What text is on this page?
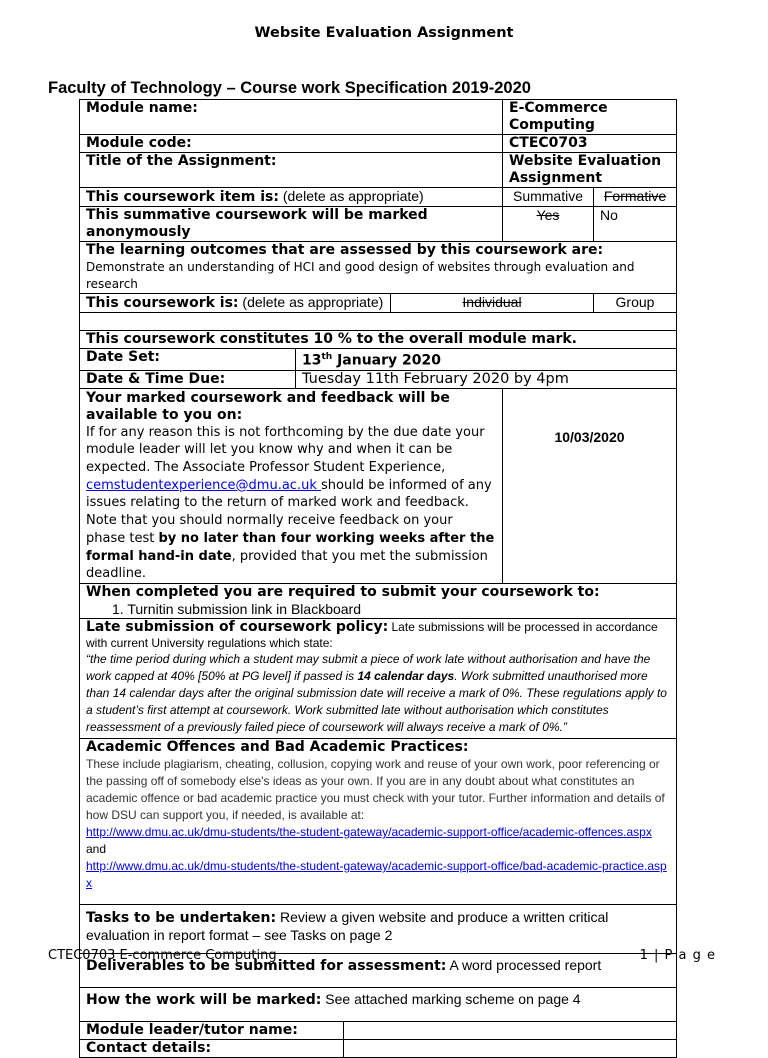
Website Evaluation Assignment
Faculty of Technology – Course work Specification 2019-2020
Module name:	E-Commerce Computing
Module code:	CTEC0703
Title of the Assignment:	Website Evaluation Assignment
This coursework item is: (delete as appropriate)	Summative	Formative
This summative coursework will be marked anonymously	Yes	No

The learning outcomes that are assessed by this coursework are:
Demonstrate an understanding of HCI and good design of websites through evaluation and research

This coursework is: (delete as appropriate)	Individual	Group

This coursework constitutes 10 % to the overall module mark.

Date Set:	13th January 2020

Date & Time Due:	Tuesday 11th February 2020 by 4pm

Your marked coursework and feedback will be available to you on:
If for any reason this is not forthcoming by the due date your module leader will let you know why and when it can be expected. The Associate Professor Student Experience, cemstudentexperience@dmu.ac.uk should be informed of any issues relating to the return of marked work and feedback. Note that you should normally receive feedback on your phase test by no later than four working weeks after the formal hand-in date, provided that you met the submission deadline.
	10/03/2020

When completed you are required to submit your coursework to:
1. Turnitin submission link in Blackboard

Late submission of coursework policy: Late submissions will be processed in accordance with current University regulations which state:
“the time period during which a student may submit a piece of work late without authorisation and have the work capped at 40% [50% at PG level] if passed is 14 calendar days. Work submitted unauthorised more than 14 calendar days after the original submission date will receive a mark of 0%. These regulations apply to a student’s first attempt at coursework. Work submitted late without authorisation which constitutes reassessment of a previously failed piece of coursework will always receive a mark of 0%.”

Academic Offences and Bad Academic Practices:
These include plagiarism, cheating, collusion, copying work and reuse of your own work, poor referencing or the passing off of somebody else's ideas as your own. If you are in any doubt about what constitutes an academic offence or bad academic practice you must check with your tutor. Further information and details of how DSU can support you, if needed, is available at:
http://www.dmu.ac.uk/dmu-students/the-student-gateway/academic-support-office/academic-offences.aspx and
http://www.dmu.ac.uk/dmu-students/the-student-gateway/academic-support-office/bad-academic-practice.aspx

Tasks to be undertaken: Review a given website and produce a written critical evaluation in report format – see Tasks on page 2
Deliverables to be submitted for assessment: A word processed report
How the work will be marked: See attached marking scheme on page 4

Module leader/tutor name:	

Contact details:	
CTEC0703 E-commerce Computing	1 | P a g e
